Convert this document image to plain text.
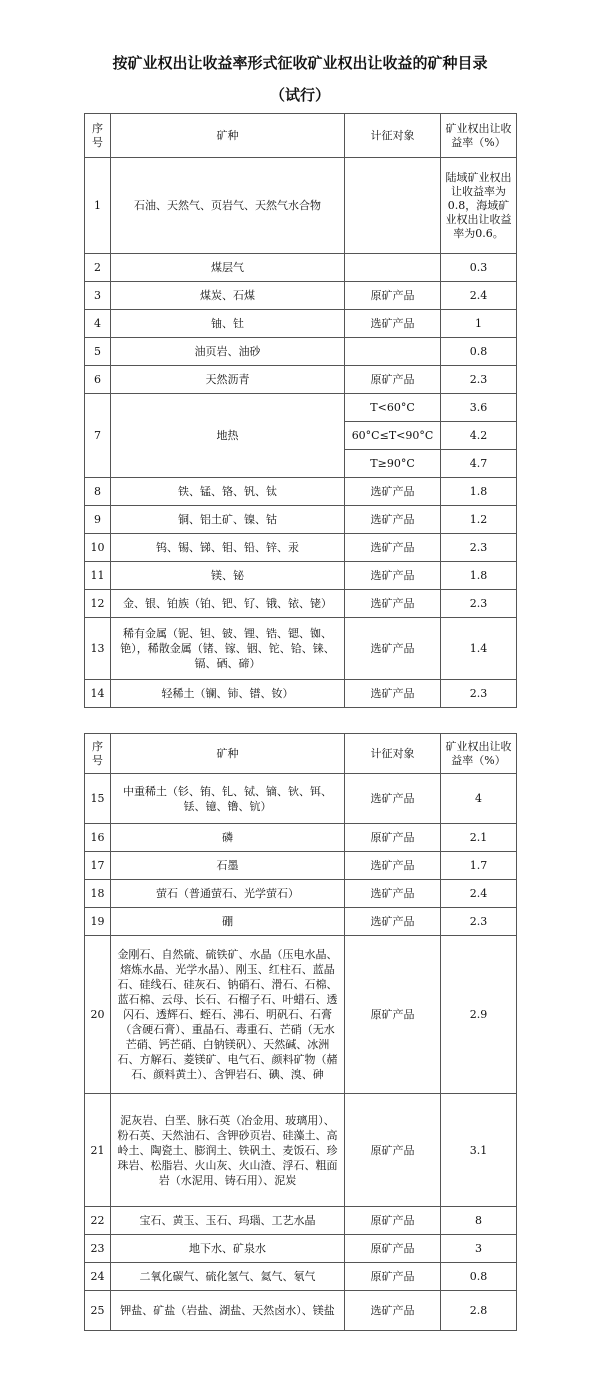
按矿业权出让收益率形式征收矿业权出让收益的矿种目录
（试行）
序号	矿种	计征对象	矿业权出让收益率（%）
1	石油、天然气、页岩气、天然气水合物		陆域矿业权出让收益率为0.8，海域矿业权出让收益率为0.6。
2	煤层气		0.3
3	煤炭、石煤	原矿产品	2.4
4	铀、钍	选矿产品	1
5	油页岩、油砂		0.8
6	天然沥青	原矿产品	2.3
7	地热	T<60°C	3.6
		60°C≤T<90°C	4.2
		T≥90°C	4.7
8	铁、锰、铬、钒、钛	选矿产品	1.8
9	铜、铝土矿、镍、钴	选矿产品	1.2
10	钨、锡、锑、钼、铅、锌、汞	选矿产品	2.3
11	镁、铋	选矿产品	1.8
12	金、银、铂族（铂、钯、钌、锇、铱、铑）	选矿产品	2.3
13	稀有金属（铌、钽、铍、锂、锆、锶、铷、铯），稀散金属（锗、镓、铟、铊、铪、铼、镉、硒、碲）	选矿产品	1.4
14	轻稀土（镧、铈、镨、钕）	选矿产品	2.3
序号	矿种	计征对象	矿业权出让收益率（%）
15	中重稀土（钐、铕、钆、铽、镝、钬、铒、铥、镱、镥、钪）	选矿产品	4
16	磷	原矿产品	2.1
17	石墨	选矿产品	1.7
18	萤石（普通萤石、光学萤石）	选矿产品	2.4
19	硼	选矿产品	2.3
20	金刚石、自然硫、硫铁矿、水晶（压电水晶、熔炼水晶、光学水晶）、刚玉、红柱石、蓝晶石、硅线石、硅灰石、钠硝石、滑石、石棉、蓝石棉、云母、长石、石榴子石、叶蜡石、透闪石、透辉石、蛭石、沸石、明矾石、石膏（含硬石膏）、重晶石、毒重石、芒硝（无水芒硝、钙芒硝、白钠镁矾）、天然碱、冰洲石、方解石、菱镁矿、电气石、颜料矿物（赭石、颜料黄土）、含钾岩石、碘、溴、砷	原矿产品	2.9
21	泥灰岩、白垩、脉石英（冶金用、玻璃用）、粉石英、天然油石、含钾砂页岩、硅藻土、高岭土、陶瓷土、膨润土、铁矾土、麦饭石、珍珠岩、松脂岩、火山灰、火山渣、浮石、粗面岩（水泥用、铸石用）、泥炭	原矿产品	3.1
22	宝石、黄玉、玉石、玛瑙、工艺水晶	原矿产品	8
23	地下水、矿泉水	原矿产品	3
24	二氧化碳气、硫化氢气、氦气、氡气	原矿产品	0.8
25	钾盐、矿盐（岩盐、湖盐、天然卤水）、镁盐	选矿产品	2.8
